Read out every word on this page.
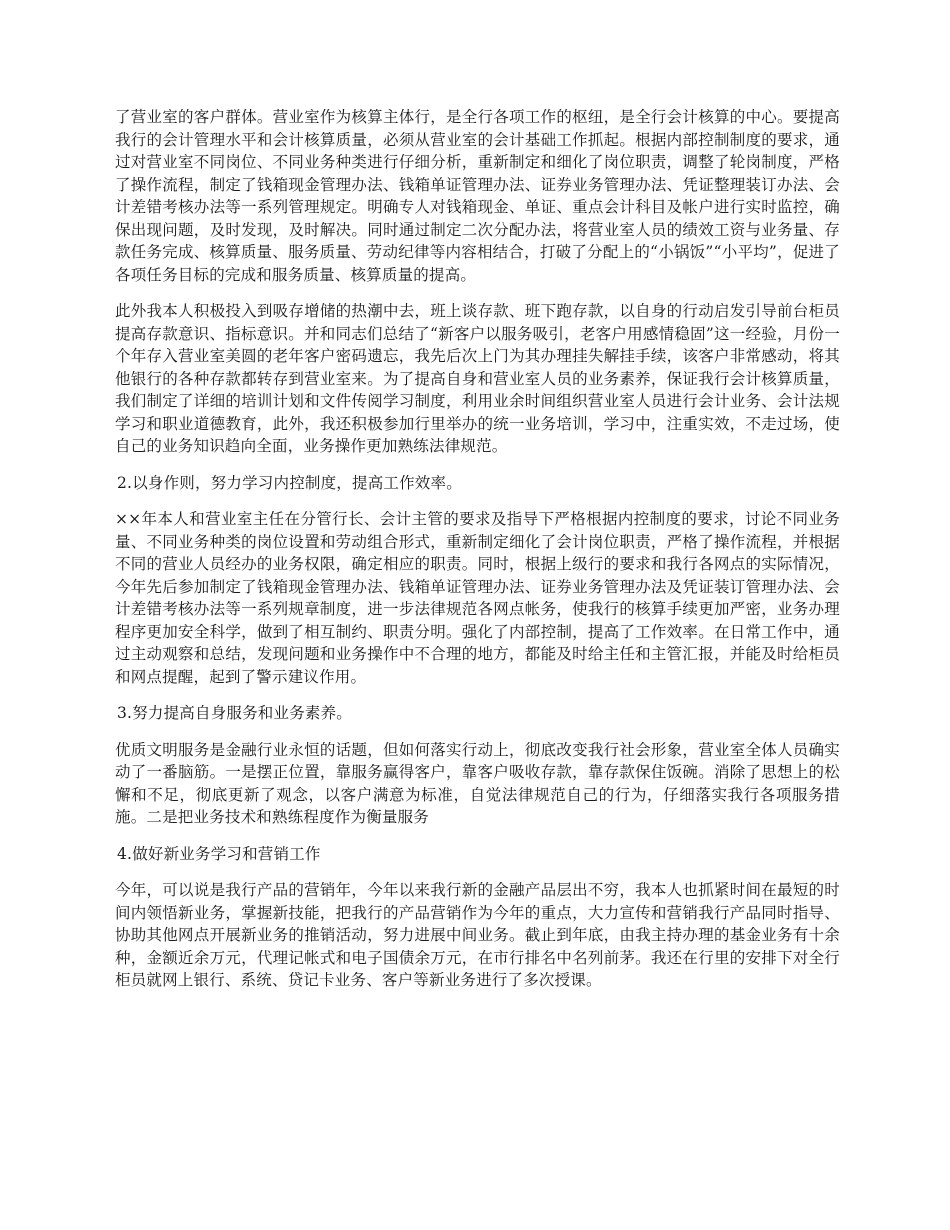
了营业室的客户群体。营业室作为核算主体行，是全行各项工作的枢纽，是全行会计核算的中心。要提高我行的会计管理水平和会计核算质量，必须从营业室的会计基础工作抓起。根据内部控制制度的要求，通过对营业室不同岗位、不同业务种类进行仔细分析，重新制定和细化了岗位职责，调整了轮岗制度，严格了操作流程，制定了钱箱现金管理办法、钱箱单证管理办法、证券业务管理办法、凭证整理装订办法、会计差错考核办法等一系列管理规定。明确专人对钱箱现金、单证、重点会计科目及帐户进行实时监控，确保出现问题，及时发现，及时解决。同时通过制定二次分配办法，将营业室人员的绩效工资与业务量、存款任务完成、核算质量、服务质量、劳动纪律等内容相结合，打破了分配上的“小锅饭”“小平均”，促进了各项任务目标的完成和服务质量、核算质量的提高。

此外我本人积极投入到吸存增储的热潮中去，班上谈存款、班下跑存款，以自身的行动启发引导前台柜员提高存款意识、指标意识。并和同志们总结了“新客户以服务吸引，老客户用感情稳固”这一经验，月份一个年存入营业室美圆的老年客户密码遗忘，我先后次上门为其办理挂失解挂手续，该客户非常感动，将其他银行的各种存款都转存到营业室来。为了提高自身和营业室人员的业务素养，保证我行会计核算质量，我们制定了详细的培训计划和文件传阅学习制度，利用业余时间组织营业室人员进行会计业务、会计法规学习和职业道德教育，此外，我还积极参加行里举办的统一业务培训，学习中，注重实效，不走过场，使自己的业务知识趋向全面，业务操作更加熟练法律规范。

2.以身作则，努力学习内控制度，提高工作效率。

××年本人和营业室主任在分管行长、会计主管的要求及指导下严格根据内控制度的要求，讨论不同业务量、不同业务种类的岗位设置和劳动组合形式，重新制定细化了会计岗位职责，严格了操作流程，并根据不同的营业人员经办的业务权限，确定相应的职责。同时，根据上级行的要求和我行各网点的实际情况，今年先后参加制定了钱箱现金管理办法、钱箱单证管理办法、证券业务管理办法及凭证装订管理办法、会计差错考核办法等一系列规章制度，进一步法律规范各网点帐务，使我行的核算手续更加严密，业务办理程序更加安全科学，做到了相互制约、职责分明。强化了内部控制，提高了工作效率。在日常工作中，通过主动观察和总结，发现问题和业务操作中不合理的地方，都能及时给主任和主管汇报，并能及时给柜员和网点提醒，起到了警示建议作用。

3.努力提高自身服务和业务素养。

优质文明服务是金融行业永恒的话题，但如何落实行动上，彻底改变我行社会形象，营业室全体人员确实动了一番脑筋。一是摆正位置，靠服务赢得客户，靠客户吸收存款，靠存款保住饭碗。消除了思想上的松懈和不足，彻底更新了观念，以客户满意为标准，自觉法律规范自己的行为，仔细落实我行各项服务措施。二是把业务技术和熟练程度作为衡量服务

4.做好新业务学习和营销工作

今年，可以说是我行产品的营销年，今年以来我行新的金融产品层出不穷，我本人也抓紧时间在最短的时间内领悟新业务，掌握新技能，把我行的产品营销作为今年的重点，大力宣传和营销我行产品同时指导、协助其他网点开展新业务的推销活动，努力进展中间业务。截止到年底，由我主持办理的基金业务有十余种，金额近余万元，代理记帐式和电子国债余万元，在市行排名中名列前茅。我还在行里的安排下对全行柜员就网上银行、系统、贷记卡业务、客户等新业务进行了多次授课。
